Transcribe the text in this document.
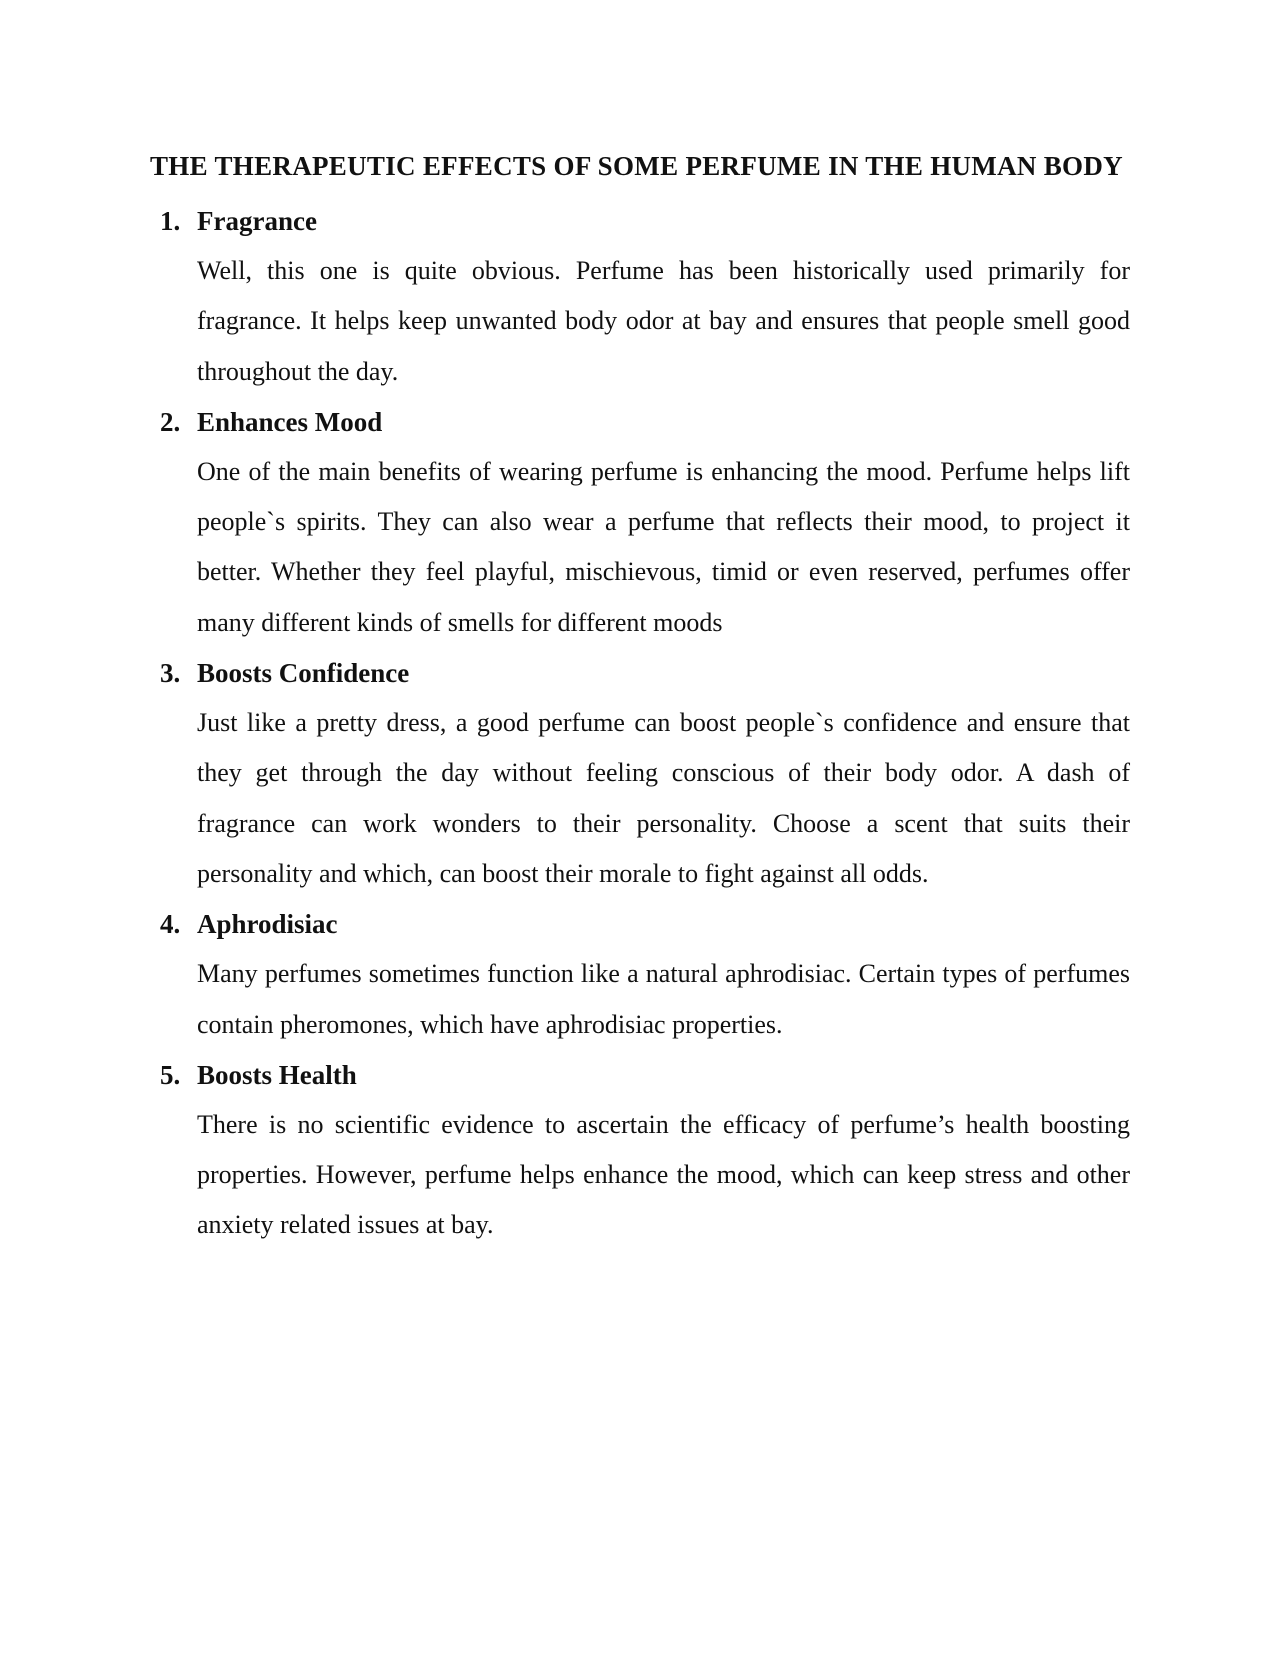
THE THERAPEUTIC EFFECTS OF SOME PERFUME IN THE HUMAN BODY
1. Fragrance

Well, this one is quite obvious. Perfume has been historically used primarily for fragrance. It helps keep unwanted body odor at bay and ensures that people smell good throughout the day.

2. Enhances Mood

One of the main benefits of wearing perfume is enhancing the mood. Perfume helps lift people`s spirits. They can also wear a perfume that reflects their mood, to project it better. Whether they feel playful, mischievous, timid or even reserved, perfumes offer many different kinds of smells for different moods

3. Boosts Confidence

Just like a pretty dress, a good perfume can boost people`s confidence and ensure that they get through the day without feeling conscious of their body odor. A dash of fragrance can work wonders to their personality. Choose a scent that suits their personality and which, can boost their morale to fight against all odds.

4. Aphrodisiac

Many perfumes sometimes function like a natural aphrodisiac. Certain types of perfumes contain pheromones, which have aphrodisiac properties.

5. Boosts Health

There is no scientific evidence to ascertain the efficacy of perfume’s health boosting properties. However, perfume helps enhance the mood, which can keep stress and other anxiety related issues at bay.
